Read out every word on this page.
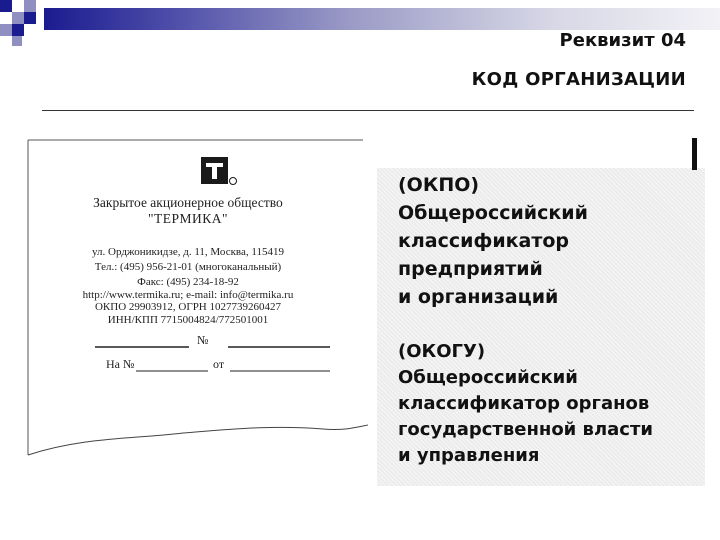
Реквизит 04
КОД ОРГАНИЗАЦИИ
Закрытое акционерное общество
"ТЕРМИКА"
ул. Орджоникидзе, д. 11, Москва, 115419
Тел.: (495) 956-21-01 (многоканальный)
Факс: (495) 234-18-92
http://www.termika.ru; e-mail: info@termika.ru
ОКПО 29903912, ОГРН 1027739260427
ИНН/КПП 7715004824/772501001
№
На №	от
(ОКПО)
Общероссийский
классификатор
предприятий
и организаций
(ОКОГУ)
Общероссийский
классификатор органов
государственной власти
и управления
